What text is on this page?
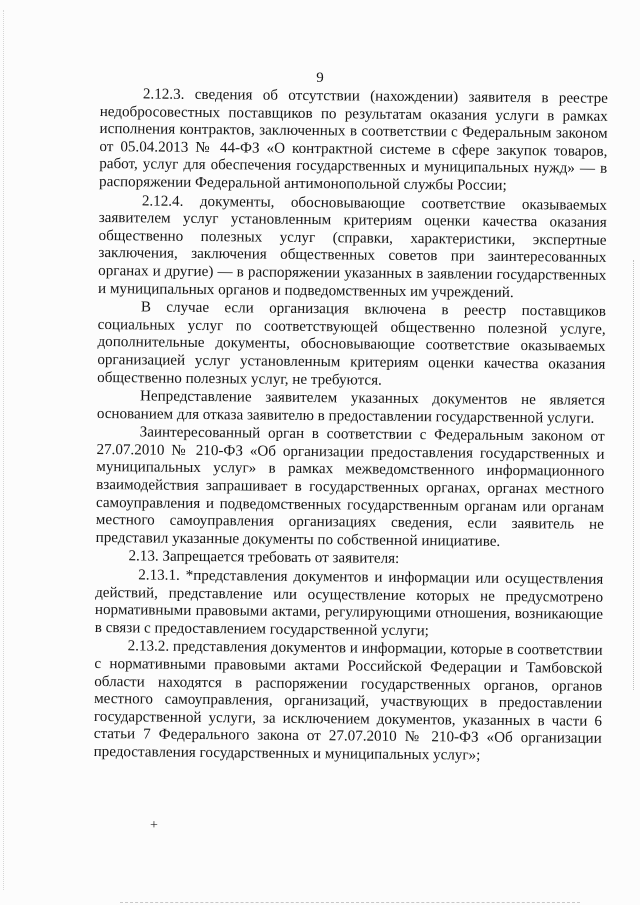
9

2.12.3. сведения об отсутствии (нахождении) заявителя в реестре недобросовестных поставщиков по результатам оказания услуги в рамках исполнения контрактов, заключенных в соответствии с Федеральным законом от 05.04.2013 № 44-ФЗ «О контрактной системе в сфере закупок товаров, работ, услуг для обеспечения государственных и муниципальных нужд» — в распоряжении Федеральной антимонопольной службы России;

2.12.4. документы, обосновывающие соответствие оказываемых заявителем услуг установленным критериям оценки качества оказания общественно полезных услуг (справки, характеристики, экспертные заключения, заключения общественных советов при заинтересованных органах и другие) — в распоряжении указанных в заявлении государственных и муниципальных органов и подведомственных им учреждений.

В случае если организация включена в реестр поставщиков социальных услуг по соответствующей общественно полезной услуге, дополнительные документы, обосновывающие соответствие оказываемых организацией услуг установленным критериям оценки качества оказания общественно полезных услуг, не требуются.

Непредставление заявителем указанных документов не является основанием для отказа заявителю в предоставлении государственной услуги.

Заинтересованный орган в соответствии с Федеральным законом от 27.07.2010 № 210-ФЗ «Об организации предоставления государственных и муниципальных услуг» в рамках межведомственного информационного взаимодействия запрашивает в государственных органах, органах местного самоуправления и подведомственных государственным органам или органам местного самоуправления организациях сведения, если заявитель не представил указанные документы по собственной инициативе.

2.13. Запрещается требовать от заявителя:

2.13.1. *представления документов и информации или осуществления действий, представление или осуществление которых не предусмотрено нормативными правовыми актами, регулирующими отношения, возникающие в связи с предоставлением государственной услуги;

2.13.2. представления документов и информации, которые в соответствии с нормативными правовыми актами Российской Федерации и Тамбовской области находятся в распоряжении государственных органов, органов местного самоуправления, организаций, участвующих в предоставлении государственной услуги, за исключением документов, указанных в части 6 статьи 7 Федерального закона от 27.07.2010 № 210-ФЗ «Об организации предоставления государственных и муниципальных услуг»;

+
